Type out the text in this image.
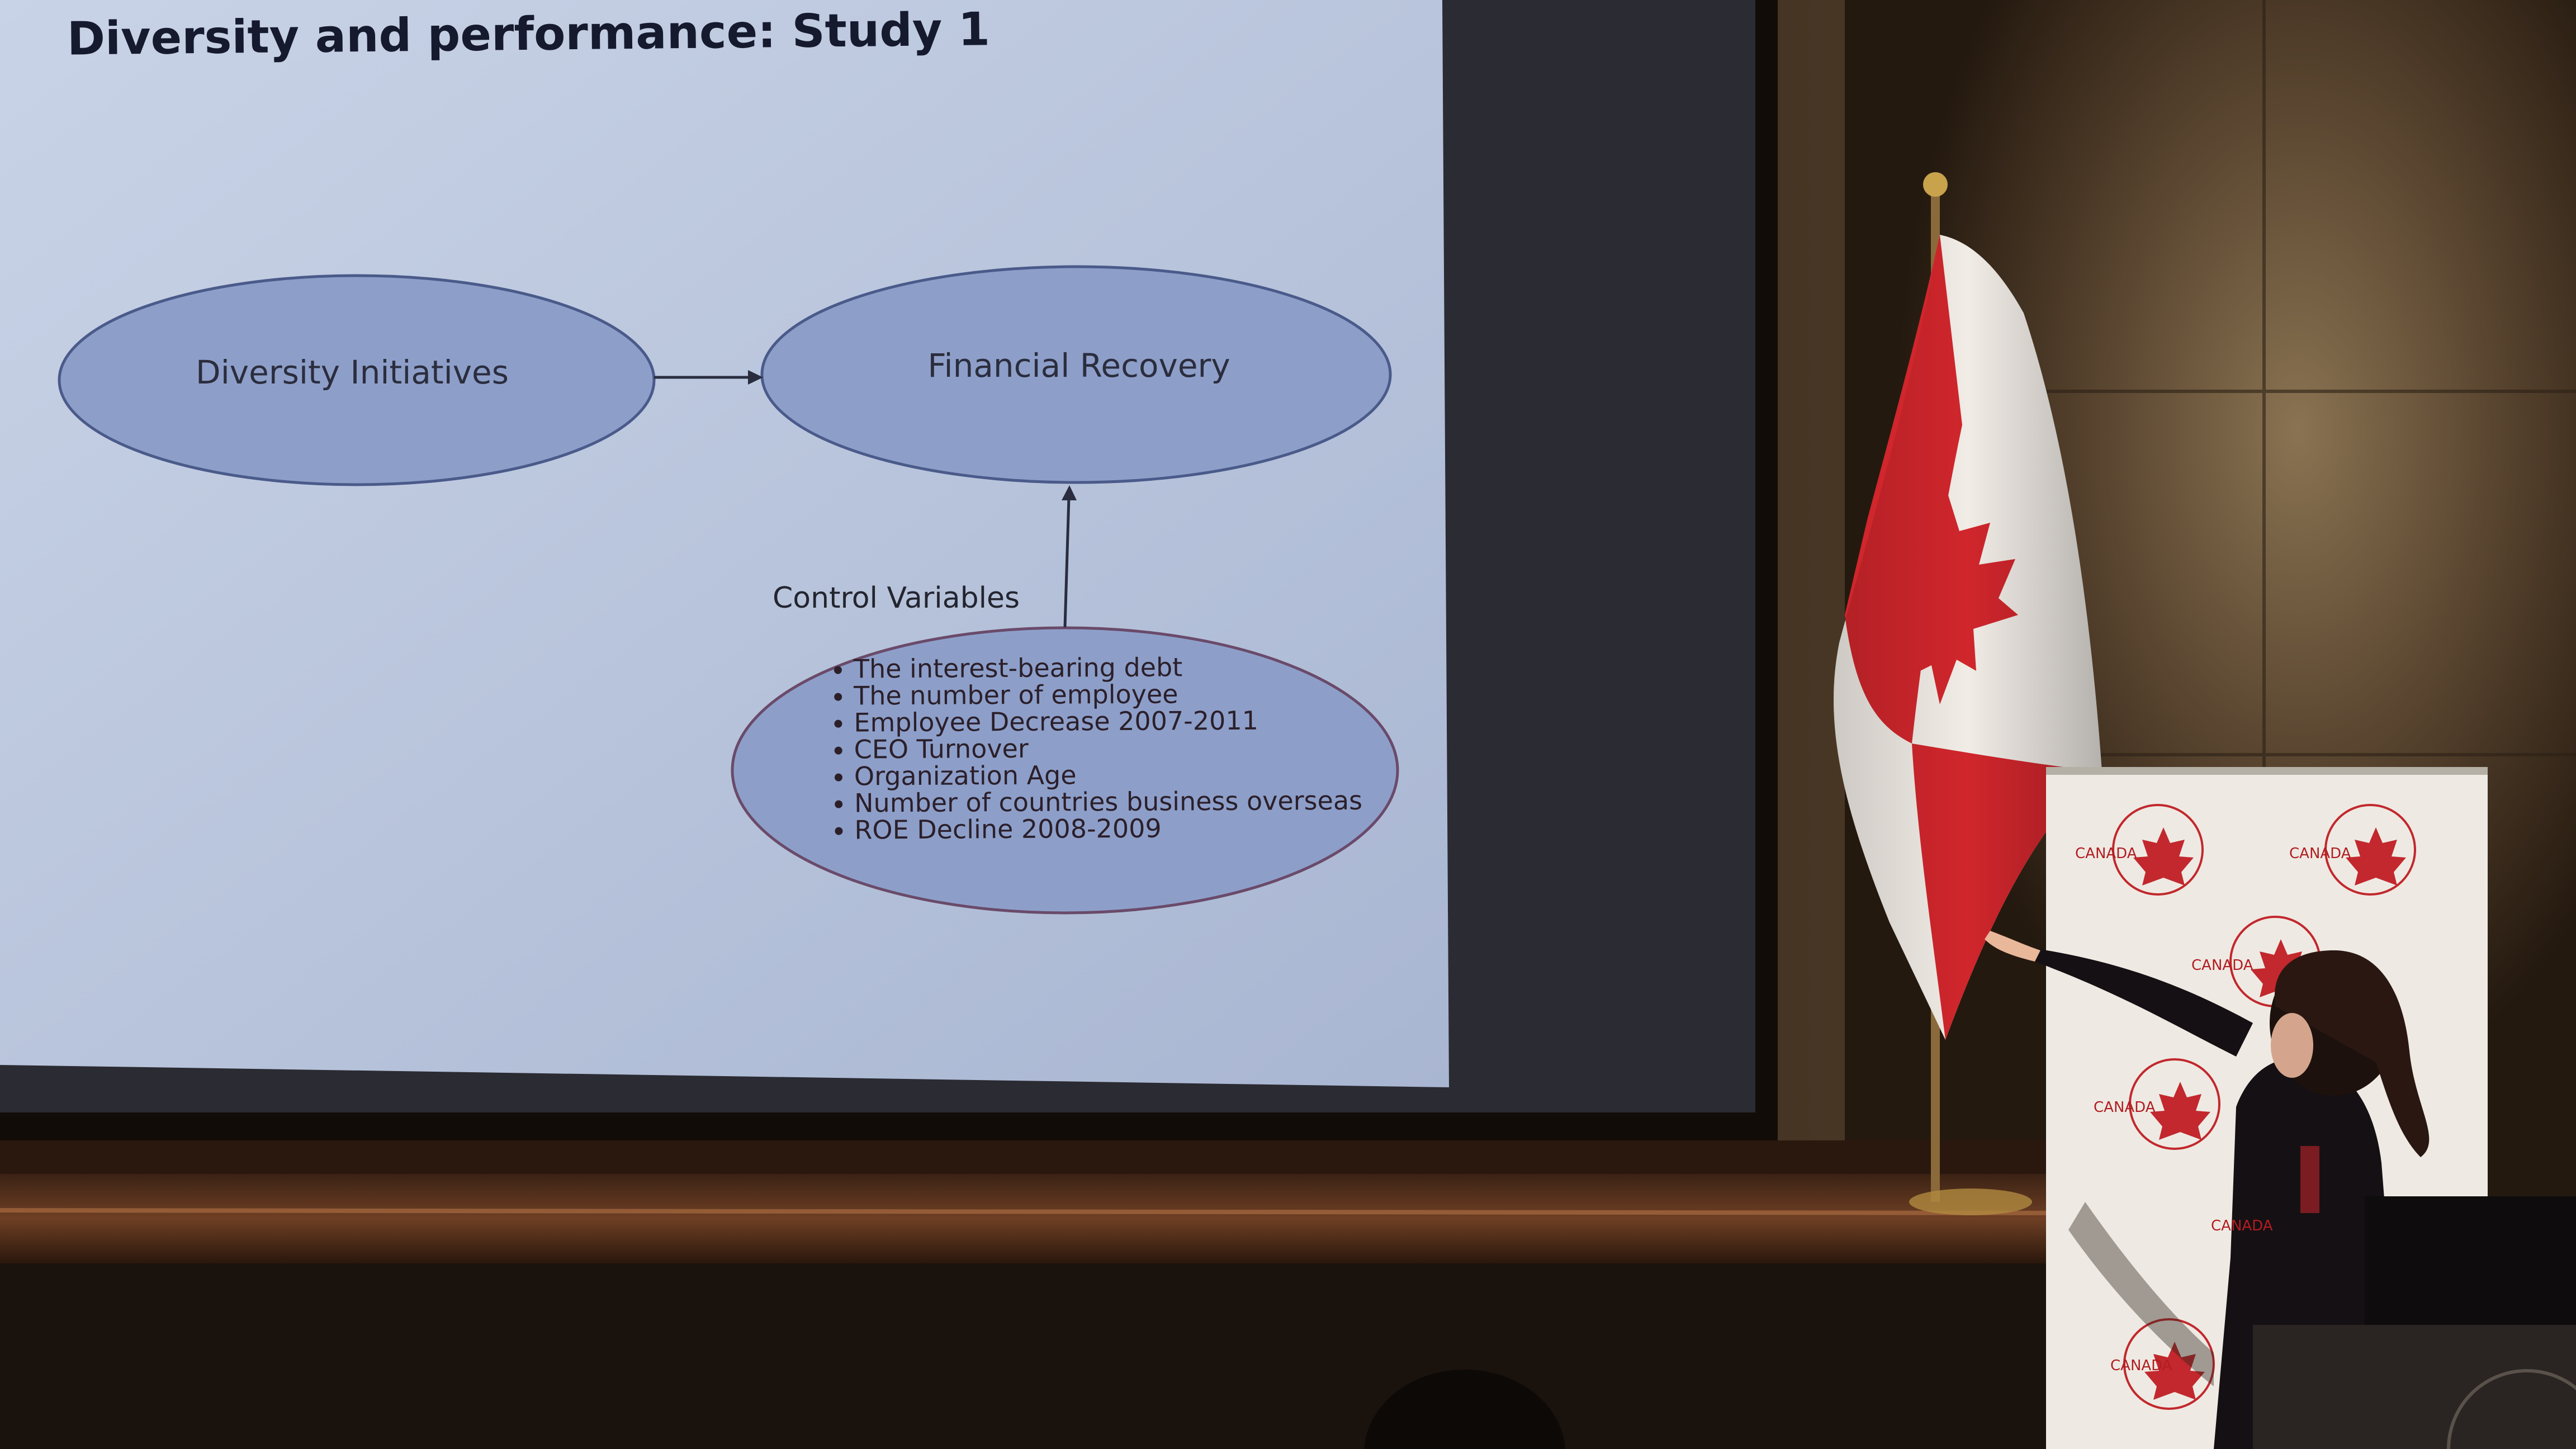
Diversity and performance: Study 1
Diversity Initiatives	Financial Recovery
Control Variables
• The interest-bearing debt
• The number of employee
• Employee Decrease 2007-2011
• CEO Turnover
• Organization Age
• Number of countries business overseas
• ROE Decline 2008-2009
CANADA	CANADA
CANADA
CANADA
CANADA
CANADA
